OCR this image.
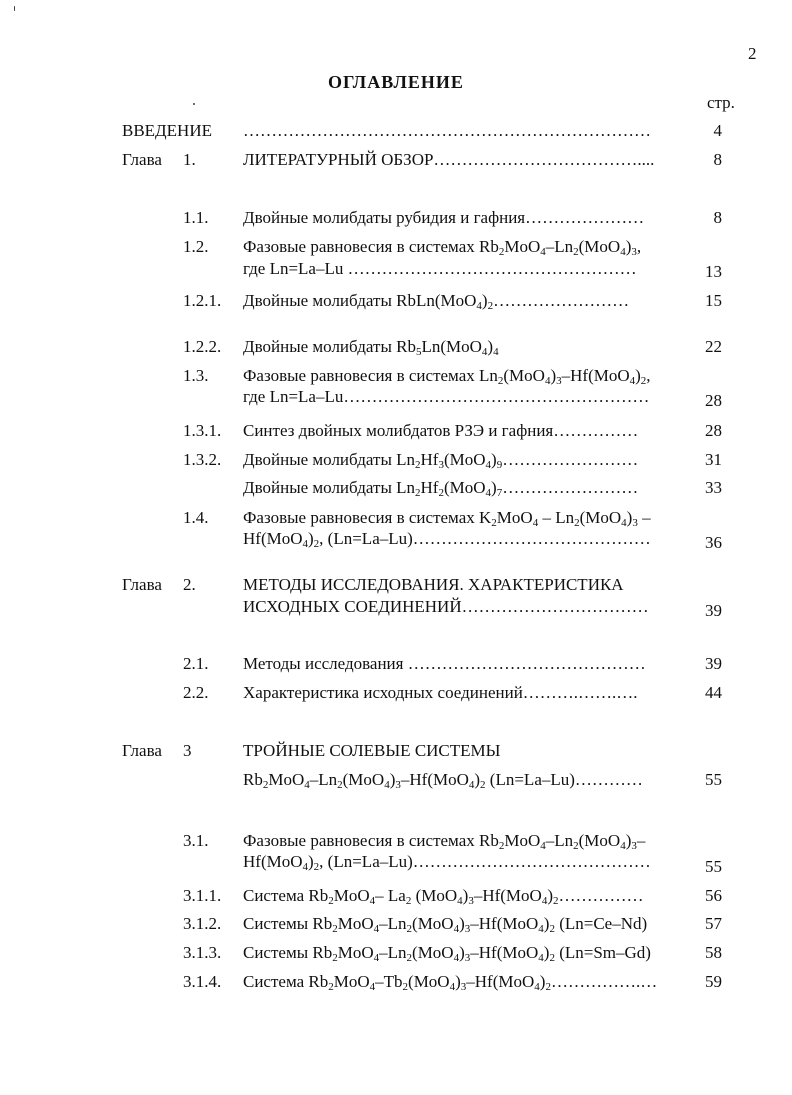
2
ОГЛАВЛЕНИЕ
стр.
ВВЕДЕНИЕ ………………………………………………………………	4
Глава 1.	ЛИТЕРАТУРНЫЙ ОБЗОР………………………………....	8
1.1. Двойные молибдаты рубидия и гафния…………………	8
1.2. Фазовые равновесия в системах $Rb_2MoO_4-Ln_2(MoO_4)_3$,
где Ln=La–Lu ……………………………………………	13
1.2.1. Двойные молибдаты $RbLn(MoO_4)_2\dots\dots\dots\dots\dots\dots\dots\dots$	15
1.2.2. Двойные молибдаты $Rb_5Ln(MoO_4)_4$	22
1.3. Фазовые равновесия в системах $Ln_2(MoO_4)_3-Hf(MoO_4)_2$,
где Ln=La–Lu………………………………………………	28
1.3.1. Синтез двойных молибдатов РЗЭ и гафния……………	28
1.3.2. Двойные молибдаты $Ln_2Hf_3(MoO_4)_9\dots\dots\dots\dots\dots\dots\dots\dots$	31
Двойные молибдаты $Ln_2Hf_2(MoO_4)_7\dots\dots\dots\dots\dots\dots\dots\dots$	33
1.4. Фазовые равновесия в системах $K_2MoO_4 - Ln_2(MoO_4)_3$ –
$Hf(MoO_4)_2$, (Ln=La–Lu)……………………………………	36
Глава 2.	МЕТОДЫ ИССЛЕДОВАНИЯ. ХАРАКТЕРИСТИКА
ИСХОДНЫХ СОЕДИНЕНИЙ……………………………	39
2.1. Методы исследования ……………………………………	39
2.2. Характеристика исходных соединений……….…….….	44
Глава 3	ТРОЙНЫЕ СОЛЕВЫЕ СИСТЕМЫ
$Rb_2MoO_4-Ln_2(MoO_4)_3-Hf(MoO_4)_2$ (Ln=La–Lu)…………	55
3.1. Фазовые равновесия в системах $Rb_2MoO_4-Ln_2(MoO_4)_3-$
$Hf(MoO_4)_2$, (Ln=La–Lu)……………………………………	55
3.1.1. Система $Rb_2MoO_4-$ $La_2$ $(MoO_4)_3-Hf(MoO_4)_2\dots\dots\dots\dots\dots$	56
3.1.2. Системы $Rb_2MoO_4-Ln_2(MoO_4)_3-Hf(MoO_4)_2$ (Ln=Ce–Nd)	57
3.1.3. Системы $Rb_2MoO_4-Ln_2(MoO_4)_3-Hf(MoO_4)_2$ (Ln=Sm–Gd)	58
3.1.4. Система $Rb_2MoO_4-Tb_2(MoO_4)_3-Hf(MoO_4)_2\dots\dots\dots\dots\dots.\dots$	59
